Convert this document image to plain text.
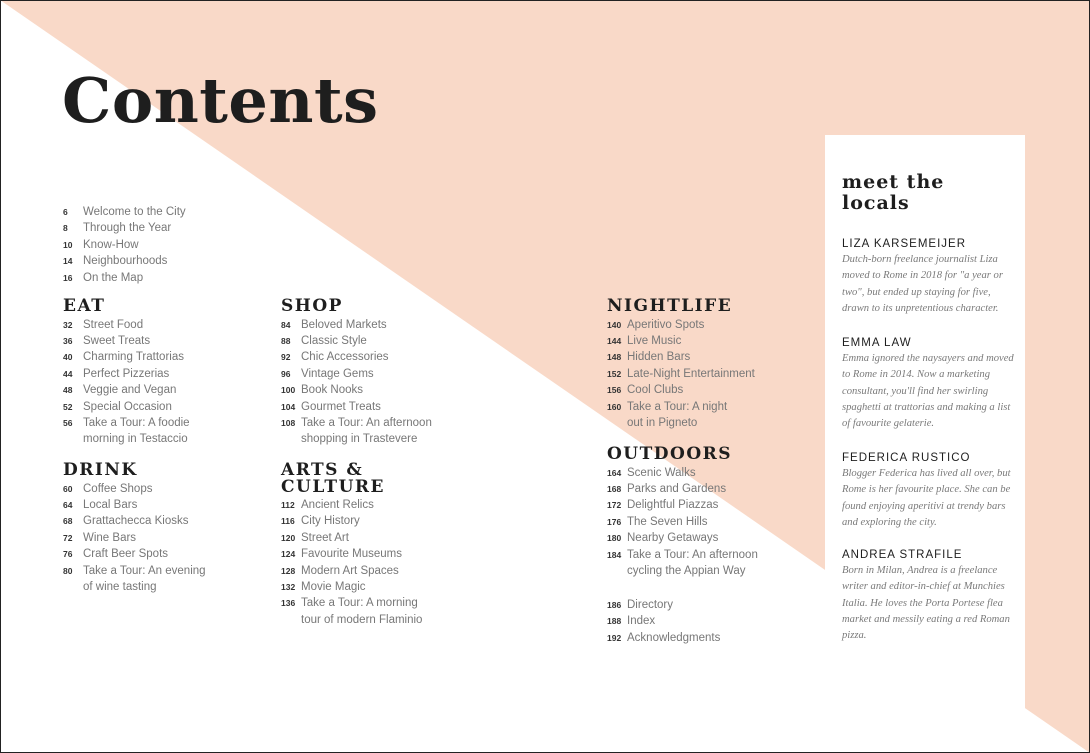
Contents
6	Welcome to the City
8	Through the Year
10 Know-How
14 Neighbourhoods
16 On the Map
EAT
32 Street Food
36 Sweet Treats
40 Charming Trattorias
44 Perfect Pizzerias
48 Veggie and Vegan
52 Special Occasion
56 Take a Tour: A foodie
morning in Testaccio
DRINK
60 Coffee Shops
64 Local Bars
68 Grattachecca Kiosks
72 Wine Bars
76 Craft Beer Spots
80 Take a Tour: An evening
of wine tasting
SHOP
84 Beloved Markets
88 Classic Style
92 Chic Accessories
96 Vintage Gems
100 Book Nooks
104 Gourmet Treats
108 Take a Tour: An afternoon
shopping in Trastevere
ARTS &
CULTURE
112 Ancient Relics
116 City History
120 Street Art
124 Favourite Museums
128 Modern Art Spaces
132 Movie Magic
136 Take a Tour: A morning
tour of modern Flaminio
NIGHTLIFE
140 Aperitivo Spots
144 Live Music
148 Hidden Bars
152 Late-Night Entertainment
156 Cool Clubs
160 Take a Tour: A night
out in Pigneto
OUTDOORS
164 Scenic Walks
168 Parks and Gardens
172 Delightful Piazzas
176 The Seven Hills
180 Nearby Getaways
184 Take a Tour: An afternoon
cycling the Appian Way
186 Directory
188 Index
192 Acknowledgments
meet the
locals
LIZA KARSEMEIJER
Dutch-born freelance journalist Liza moved to Rome in 2018 for "a year or two", but ended up staying for five, drawn to its unpretentious character.
EMMA LAW
Emma ignored the naysayers and moved to Rome in 2014. Now a marketing consultant, you'll find her swirling spaghetti at trattorias and making a list of favourite gelaterie.
FEDERICA RUSTICO
Blogger Federica has lived all over, but Rome is her favourite place. She can be found enjoying aperitivi at trendy bars and exploring the city.
ANDREA STRAFILE
Born in Milan, Andrea is a freelance writer and editor-in-chief at Munchies Italia. He loves the Porta Portese flea market and messily eating a red Roman pizza.
